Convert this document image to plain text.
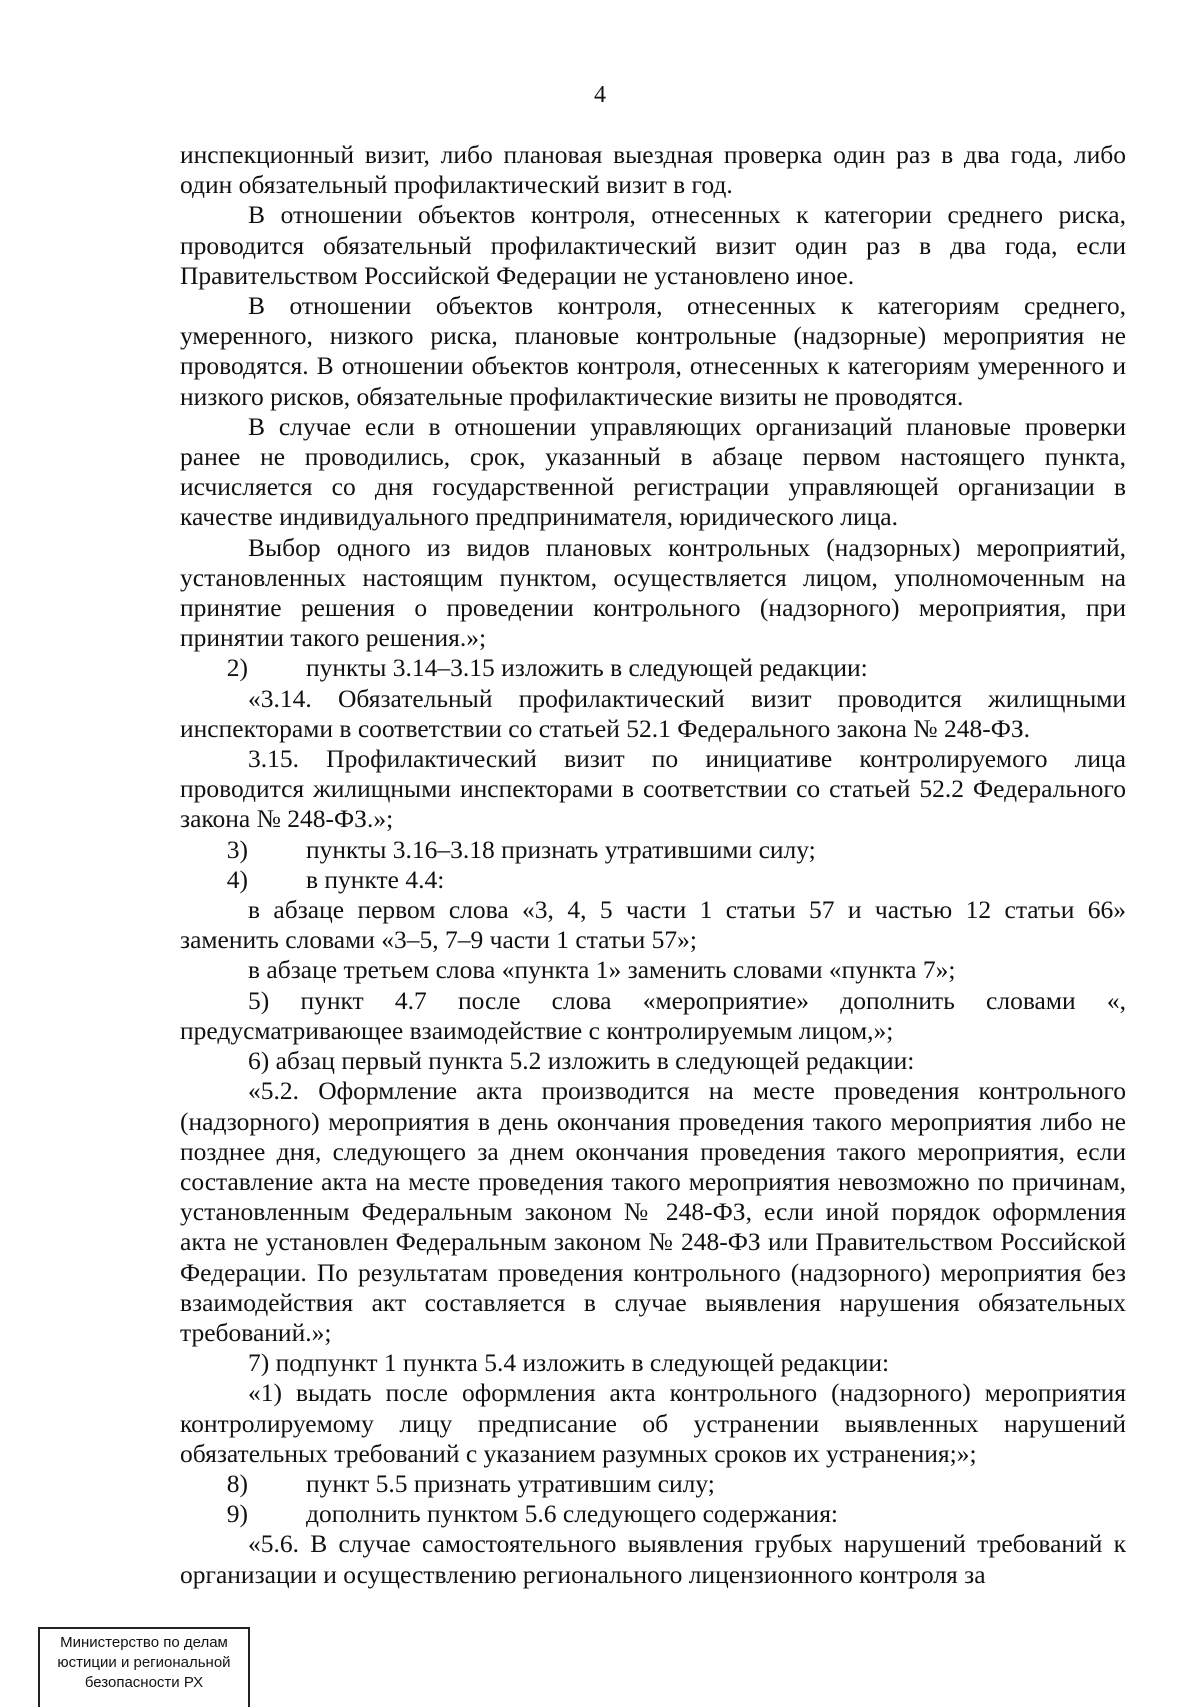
4

инспекционный визит, либо плановая выездная проверка один раз в два года, либо один обязательный профилактический визит в год.

В отношении объектов контроля, отнесенных к категории среднего риска, проводится обязательный профилактический визит один раз в два года, если Правительством Российской Федерации не установлено иное.

В отношении объектов контроля, отнесенных к категориям среднего, умеренного, низкого риска, плановые контрольные (надзорные) мероприятия не проводятся. В отношении объектов контроля, отнесенных к категориям умеренного и низкого рисков, обязательные профилактические визиты не проводятся.

В случае если в отношении управляющих организаций плановые проверки ранее не проводились, срок, указанный в абзаце первом настоящего пункта, исчисляется со дня государственной регистрации управляющей организации в качестве индивидуального предпринимателя, юридического лица.

Выбор одного из видов плановых контрольных (надзорных) мероприятий, установленных настоящим пунктом, осуществляется лицом, уполномоченным на принятие решения о проведении контрольного (надзорного) мероприятия, при принятии такого решения.»;

2) пункты 3.14–3.15 изложить в следующей редакции:

«3.14. Обязательный профилактический визит проводится жилищными инспекторами в соответствии со статьей 52.1 Федерального закона № 248-ФЗ.

3.15. Профилактический визит по инициативе контролируемого лица проводится жилищными инспекторами в соответствии со статьей 52.2 Федерального закона № 248-ФЗ.»;

3) пункты 3.16–3.18 признать утратившими силу;

4) в пункте 4.4:

в абзаце первом слова «3, 4, 5 части 1 статьи 57 и частью 12 статьи 66» заменить словами «3–5, 7–9 части 1 статьи 57»;

в абзаце третьем слова «пункта 1» заменить словами «пункта 7»;

5) пункт 4.7 после слова «мероприятие» дополнить словами «, предусматривающее взаимодействие с контролируемым лицом,»;

6) абзац первый пункта 5.2 изложить в следующей редакции:

«5.2. Оформление акта производится на месте проведения контрольного (надзорного) мероприятия в день окончания проведения такого мероприятия либо не позднее дня, следующего за днем окончания проведения такого мероприятия, если составление акта на месте проведения такого мероприятия невозможно по причинам, установленным Федеральным законом № 248-ФЗ, если иной порядок оформления акта не установлен Федеральным законом № 248-ФЗ или Правительством Российской Федерации. По результатам проведения контрольного (надзорного) мероприятия без взаимодействия акт составляется в случае выявления нарушения обязательных требований.»;

7) подпункт 1 пункта 5.4 изложить в следующей редакции:

«1) выдать после оформления акта контрольного (надзорного) мероприятия контролируемому лицу предписание об устранении выявленных нарушений обязательных требований с указанием разумных сроков их устранения;»;

8) пункт 5.5 признать утратившим силу;

9) дополнить пунктом 5.6 следующего содержания:

«5.6. В случае самостоятельного выявления грубых нарушений требований к организации и осуществлению регионального лицензионного контроля за

Министерство по делам
юстиции и региональной
безопасности РХ
